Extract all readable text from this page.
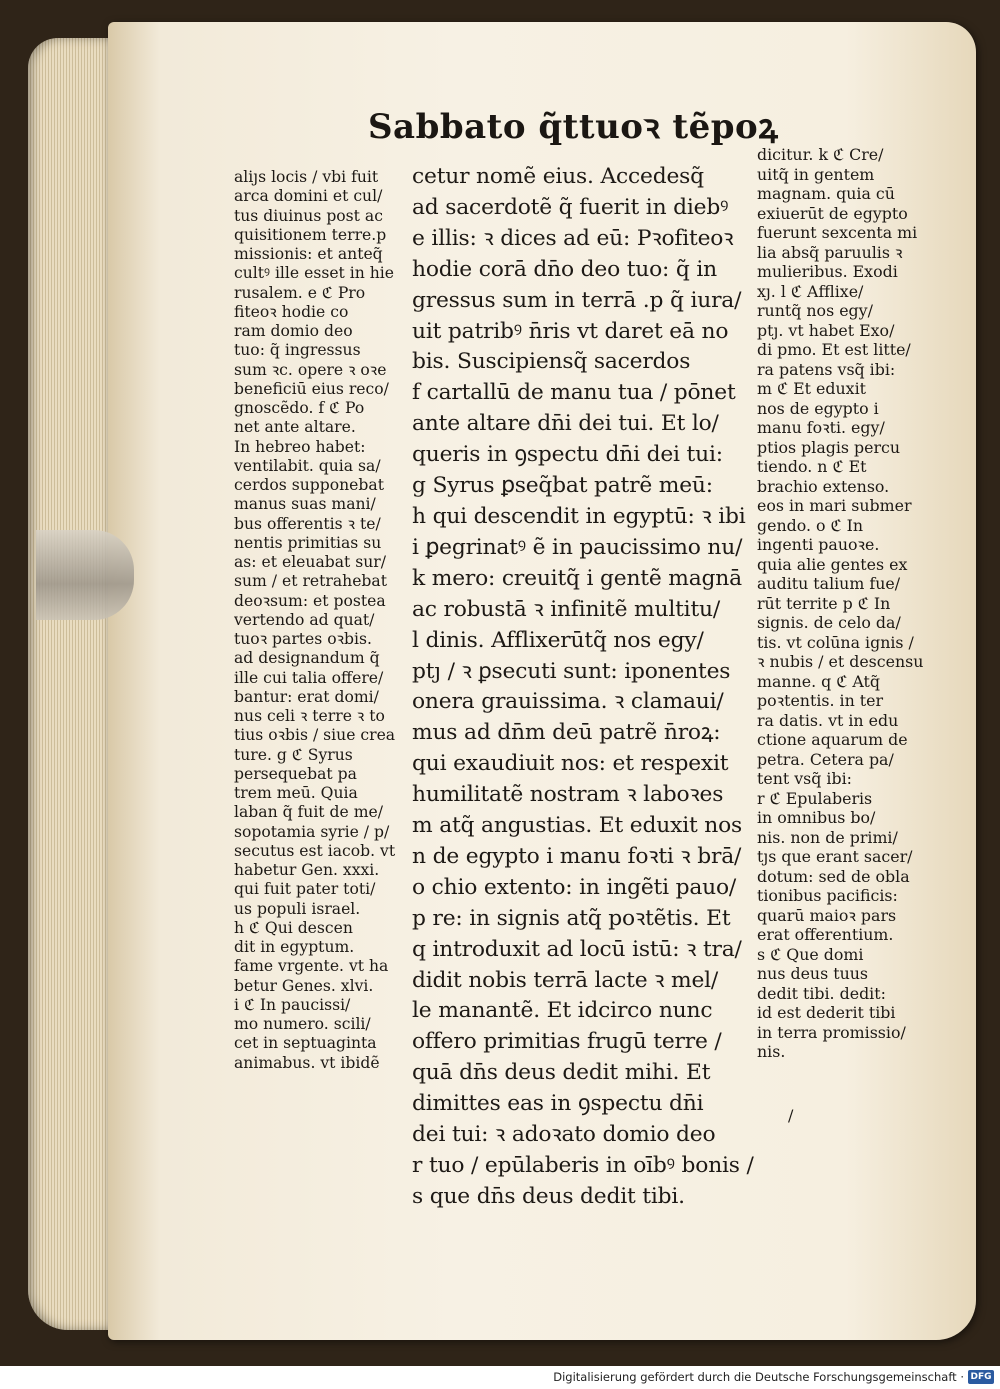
Sabbato q̃ttuoꝛ tẽpoꝝ
aliȷs locis / vbi fuit
arca domini et cul/
tus diuinus post ac
quisitionem terre.p
missionis: et anteq̃
cultꝰ ille esset in hie
rusalem. e ℭ Pro
fiteoꝛ hodie co
ram domio deo
tuo: q̃ ingressus
sum ꝛc. opere ꝛ oꝛe
beneficiū eius reco/
gnoscẽdo. f ℭ Po
net ante altare.
In hebreo habet:
ventilabit. quia sa/
cerdos supponebat
manus suas mani/
bus offerentis ꝛ te/
nentis primitias su
as: et eleuabat sur/
sum / et retrahebat
deoꝛsum: et postea
vertendo ad quat/
tuoꝛ partes oꝛbis.
ad designandum q̃
ille cui talia offere/
bantur: erat domi/
nus celi ꝛ terre ꝛ to
tius oꝛbis / siue crea
ture. g ℭ Syrus
persequebat pa
trem meū. Quia
laban q̃ fuit de me/
sopotamia syrie / p/
secutus est iacob. vt
habetur Gen. xxxi.
qui fuit pater toti/
us populi israel.
h ℭ Qui descen
dit in egyptum.
fame vrgente. vt ha
betur Genes. xlvi.
i ℭ In paucissi/
mo numero. scili/
cet in septuaginta
animabus. vt ibidẽ
cetur nomẽ eius. Accedesq̃
ad sacerdotẽ q̃ fuerit in diebꝰ
e illis: ꝛ dices ad eū: Pꝛofiteoꝛ
hodie corā dn̄o deo tuo: q̃ in
gressus sum in terrā .p q̃ iura/
uit patribꝰ n̄ris vt daret eā no
bis. Suscipiensq̃ sacerdos
f cartallū de manu tua / pōnet
ante altare dn̄i dei tui. Et lo/
queris in ꝯspectu dn̄i dei tui:
g Syrus ꝑseq̃bat patrẽ meū:
h qui descendit in egyptū: ꝛ ibi
i ꝑegrinatꝰ ẽ in paucissimo nu/
k mero: creuitq̃ i gentẽ magnā
ac robustā ꝛ infinitẽ multitu/
l dinis. Afflixerūtq̃ nos egy/
ptȷ / ꝛ ꝑsecuti sunt: iponentes
onera grauissima. ꝛ clamaui/
mus ad dn̄m deū patrẽ n̄roꝝ:
qui exaudiuit nos: et respexit
humilitatẽ nostram ꝛ laboꝛes
m atq̃ angustias. Et eduxit nos
n de egypto i manu foꝛti ꝛ brā/
o chio extento: in ingẽti pauo/
p re: in signis atq̃ poꝛtẽtis. Et
q introduxit ad locū istū: ꝛ tra/
didit nobis terrā lacte ꝛ mel/
le manantẽ. Et idcirco nunc
offero primitias frugū terre /
quā dn̄s deus dedit mihi. Et
dimittes eas in ꝯspectu dn̄i
dei tui: ꝛ adoꝛato domio deo
r tuo / epūlaberis in oībꝰ bonis /
s que dn̄s deus dedit tibi.
dicitur. k ℭ Cre/
uitq̃ in gentem
magnam. quia cū
exiuerūt de egypto
fuerunt sexcenta mi
lia absq̃ paruulis ꝛ
mulieribus. Exodi
xȷ. l ℭ Afflixe/
runtq̃ nos egy/
ptȷ. vt habet Exo/
di pmo. Et est litte/
ra patens vsq̃ ibi:
m ℭ Et eduxit
nos de egypto i
manu foꝛti. egy/
ptios plagis percu
tiendo. n ℭ Et
brachio extenso.
eos in mari submer
gendo. o ℭ In
ingenti pauoꝛe.
quia alie gentes ex
auditu talium fue/
rūt territe p ℭ In
signis. de celo da/
tis. vt colūna ignis /
ꝛ nubis / et descensu
manne. q ℭ Atq̃
poꝛtentis. in ter
ra datis. vt in edu
ctione aquarum de
petra. Cetera pa/
tent vsq̃ ibi:
r ℭ Epulaberis
in omnibus bo/
nis. non de primi/
tȷs que erant sacer/
dotum: sed de obla
tionibus pacificis:
quarū maioꝛ pars
erat offerentium.
s ℭ Que domi
nus deus tuus
dedit tibi. dedit:
id est dederit tibi
in terra promissio/
nis.
/
Digitalisierung gefördert durch die Deutsche Forschungsgemeinschaft · DFG
